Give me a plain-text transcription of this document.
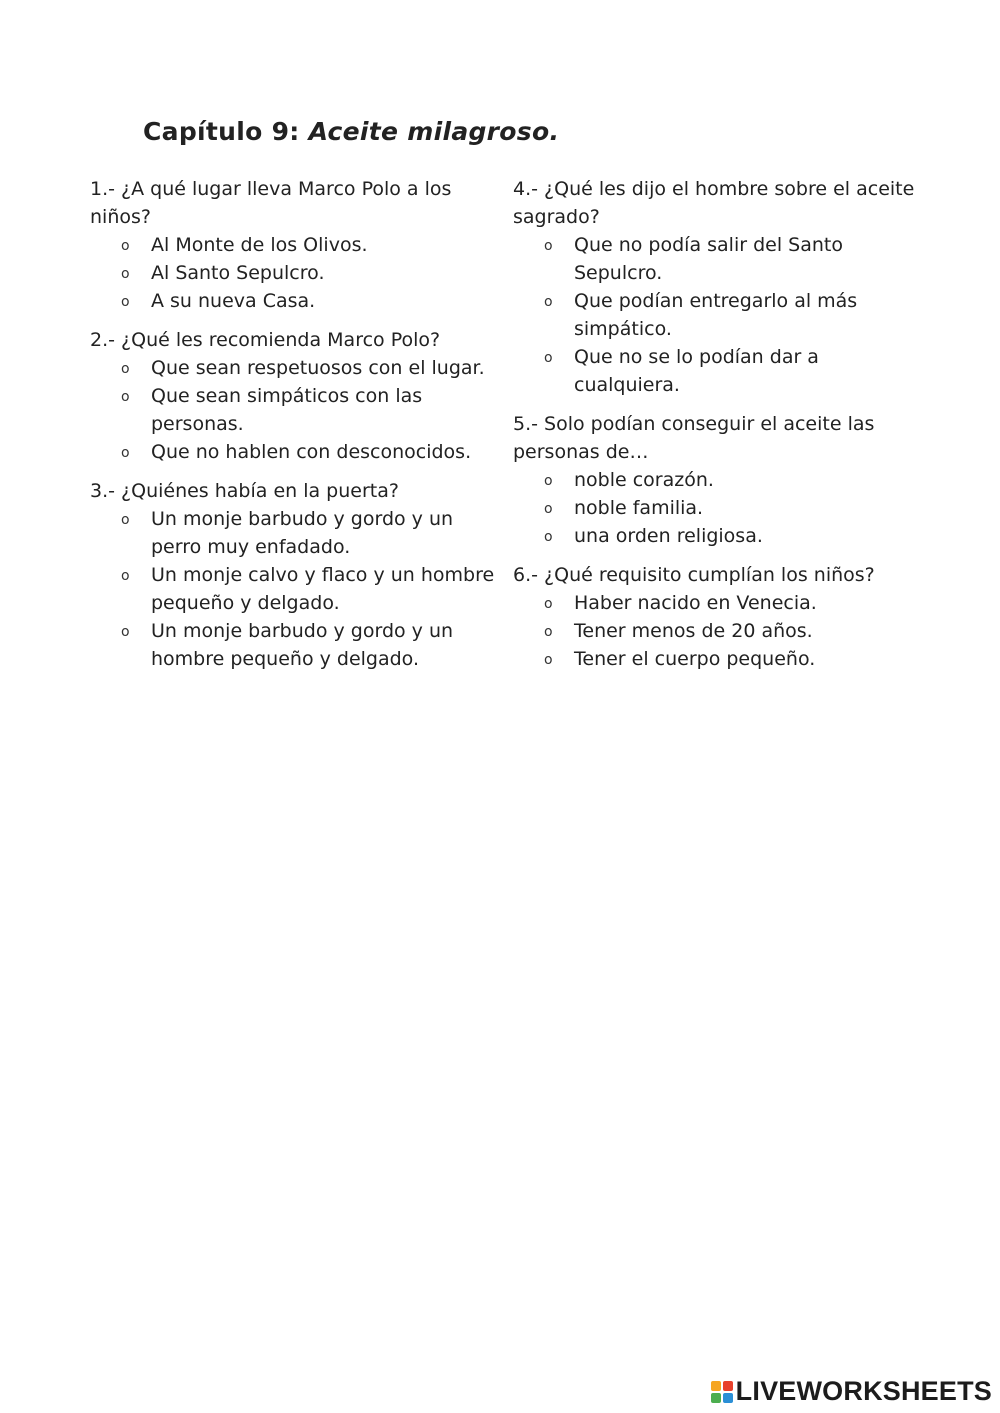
Capítulo 9: Aceite milagroso.

1.- ¿A qué lugar lleva Marco Polo a los niños?

o Al Monte de los Olivos.
o Al Santo Sepulcro.
o A su nueva Casa.

2.- ¿Qué les recomienda Marco Polo?

o Que sean respetuosos con el lugar.
o Que sean simpáticos con las personas.
o Que no hablen con desconocidos.

3.- ¿Quiénes había en la puerta?

o Un monje barbudo y gordo y un perro muy enfadado.
o Un monje calvo y flaco y un hombre pequeño y delgado.
o Un monje barbudo y gordo y un hombre pequeño y delgado.

4.- ¿Qué les dijo el hombre sobre el aceite sagrado?

o Que no podía salir del Santo Sepulcro.
o Que podían entregarlo al más simpático.
o Que no se lo podían dar a cualquiera.

5.- Solo podían conseguir el aceite las personas de…

o noble corazón.
o noble familia.
o una orden religiosa.

6.- ¿Qué requisito cumplían los niños?

o Haber nacido en Venecia.
o Tener menos de 20 años.
o Tener el cuerpo pequeño.
LIVEWORKSHEETS
